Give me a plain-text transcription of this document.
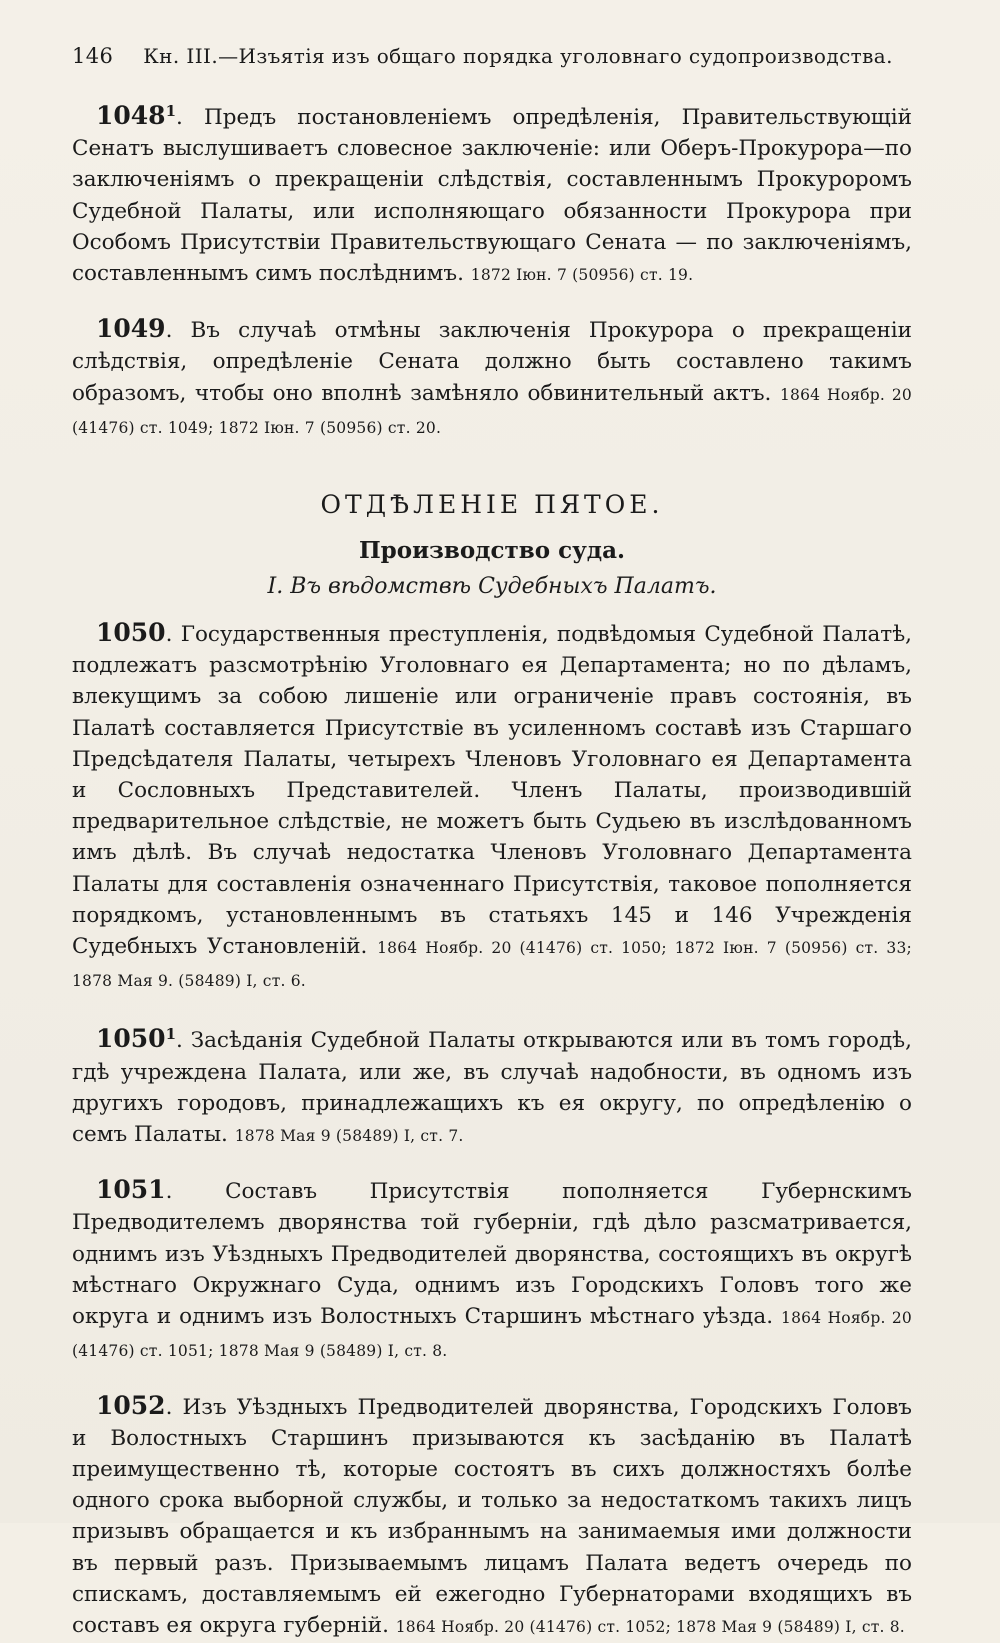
146 Кн. III.—Изъятія изъ общаго порядка уголовнаго судопроизводства.

1048$^1$. Предъ постановленіемъ опредѣленія, Правительствующій Сенатъ выслушиваетъ словесное заключеніе: или Оберъ-Прокурора—по заключеніямъ о прекращеніи слѣдствія, составленнымъ Прокуроромъ Судебной Палаты, или исполняющаго обязанности Прокурора при Особомъ Присутствіи Правительствующаго Сената — по заключеніямъ, составленнымъ симъ послѣднимъ. 1872 Іюн. 7 (50956) ст. 19.

1049. Въ случаѣ отмѣны заключенія Прокурора о прекращеніи слѣдствія, опредѣленіе Сената должно быть составлено такимъ образомъ, чтобы оно вполнѣ замѣняло обвинительный актъ. 1864 Ноябр. 20 (41476) ст. 1049; 1872 Іюн. 7 (50956) ст. 20.

ОТДѢЛЕНІЕ ПЯТОЕ.
Производство суда.
І. Въ вѣдомствѣ Судебныхъ Палатъ.

1050. Государственныя преступленія, подвѣдомыя Судебной Палатѣ, подлежатъ разсмотрѣнію Уголовнаго ея Департамента; но по дѣламъ, влекущимъ за собою лишеніе или ограниченіе правъ состоянія, въ Палатѣ составляется Присутствіе въ усиленномъ составѣ изъ Старшаго Предсѣдателя Палаты, четырехъ Членовъ Уголовнаго ея Департамента и Сословныхъ Представителей. Членъ Палаты, производившій предварительное слѣдствіе, не можетъ быть Судьею въ изслѣдованномъ имъ дѣлѣ. Въ случаѣ недостатка Членовъ Уголовнаго Департамента Палаты для составленія означеннаго Присутствія, таковое пополняется порядкомъ, установленнымъ въ статьяхъ 145 и 146 Учрежденія Судебныхъ Установленій. 1864 Ноябр. 20 (41476) ст. 1050; 1872 Іюн. 7 (50956) ст. 33; 1878 Мая 9. (58489) І, ст. 6.

1050$^1$. Засѣданія Судебной Палаты открываются или въ томъ городѣ, гдѣ учреждена Палата, или же, въ случаѣ надобности, въ одномъ изъ другихъ городовъ, принадлежащихъ къ ея округу, по опредѣленію о семъ Палаты. 1878 Мая 9 (58489) І, ст. 7.

1051. Составъ Присутствія пополняется Губернскимъ Предводителемъ дворянства той губерніи, гдѣ дѣло разсматривается, однимъ изъ Уѣздныхъ Предводителей дворянства, состоящихъ въ округѣ мѣстнаго Окружнаго Суда, однимъ изъ Городскихъ Головъ того же округа и однимъ изъ Волостныхъ Старшинъ мѣстнаго уѣзда. 1864 Ноябр. 20 (41476) ст. 1051; 1878 Мая 9 (58489) І, ст. 8.

1052. Изъ Уѣздныхъ Предводителей дворянства, Городскихъ Головъ и Волостныхъ Старшинъ призываются къ засѣданію въ Палатѣ преимущественно тѣ, которые состоятъ въ сихъ должностяхъ болѣе одного срока выборной службы, и только за недостаткомъ такихъ лицъ призывъ обращается и къ избраннымъ на занимаемыя ими должности въ первый разъ. Призываемымъ лицамъ Палата ведетъ очередь по спискамъ, доставляемымъ ей ежегодно Губернаторами входящихъ въ составъ ея округа губерній. 1864 Ноябр. 20 (41476) ст. 1052; 1878 Мая 9 (58489) І, ст. 8.
